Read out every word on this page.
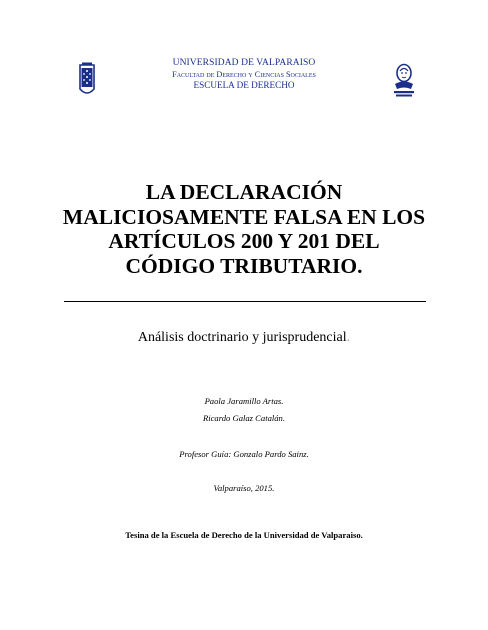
UNIVERSIDAD DE VALPARAISO
Facultad de Derecho y Ciencias Sociales
ESCUELA DE DERECHO
LA DECLARACIÓN
MALICIOSAMENTE FALSA EN LOS
ARTÍCULOS 200 Y 201 DEL
CÓDIGO TRIBUTARIO.
Análisis doctrinario y jurisprudencial.
Paola Jaramillo Artas.
Ricardo Galaz Catalán.
Profesor Guía: Gonzalo Pardo Sainz.
Valparaíso, 2015.
Tesina de la Escuela de Derecho de la Universidad de Valparaiso.
